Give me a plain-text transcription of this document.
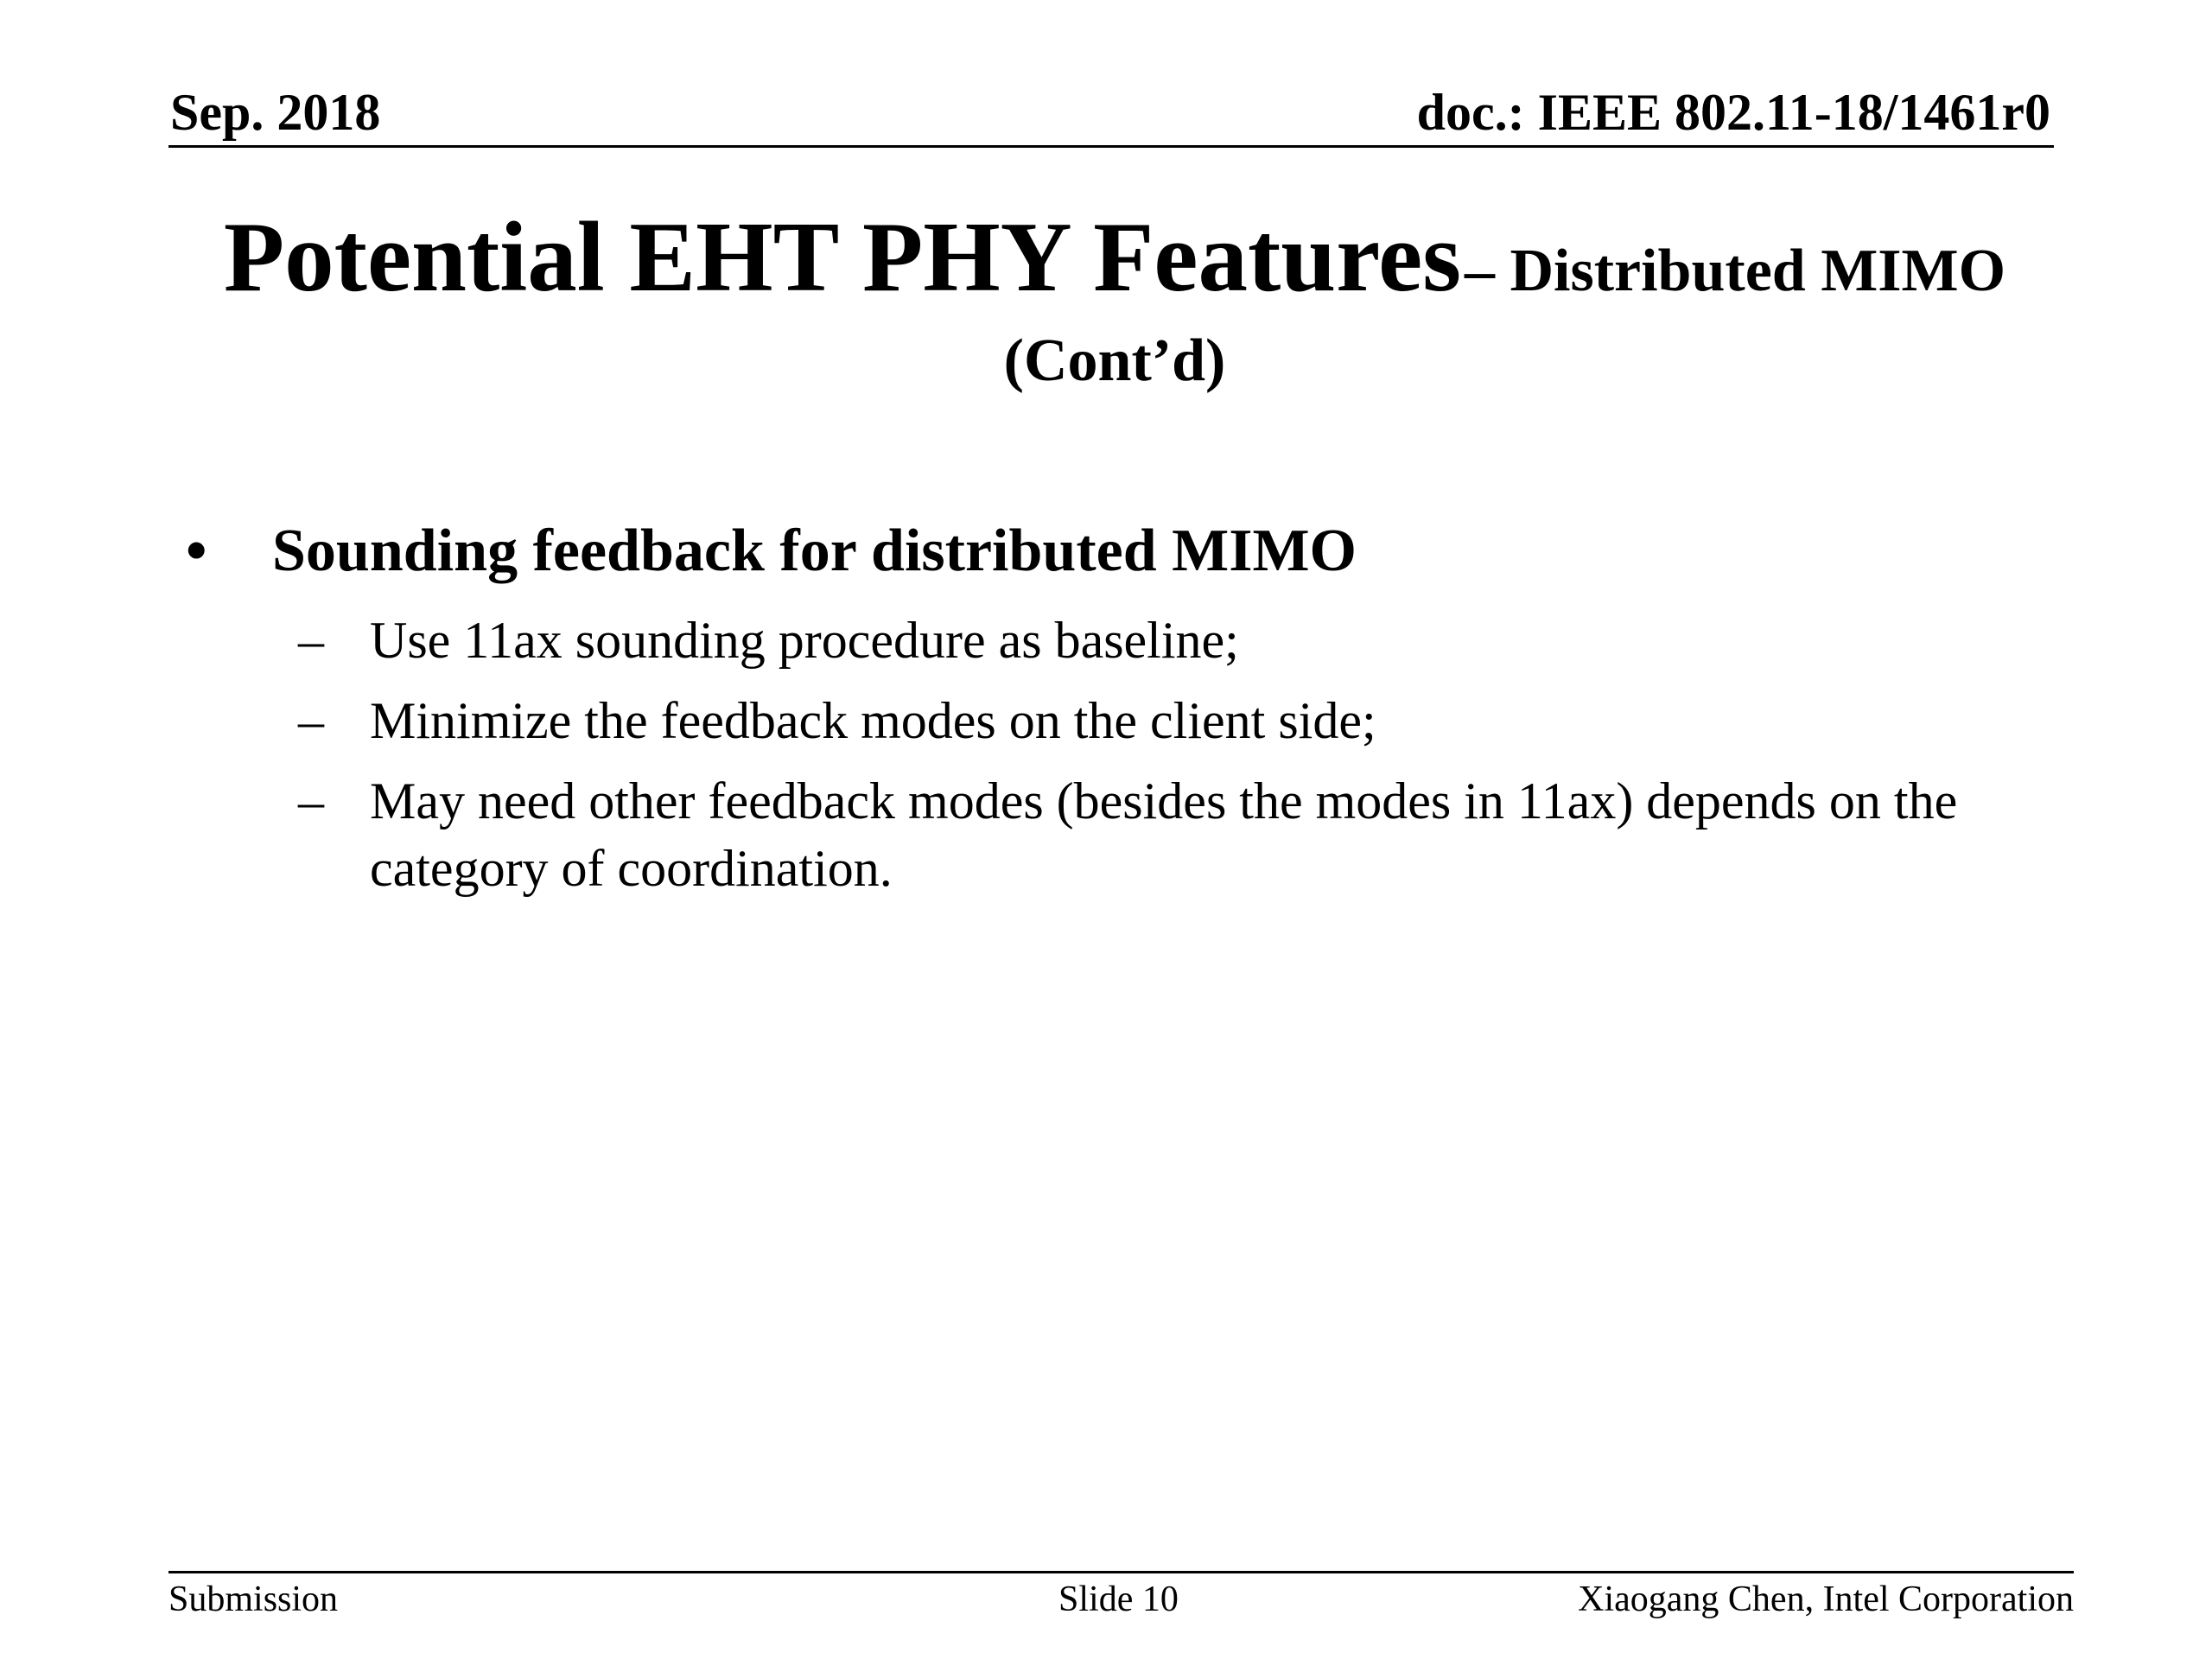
Sep. 2018	doc.: IEEE 802.11-18/1461r0
Potential EHT PHY Features – Distributed MIMO
(Cont’d)
• Sounding feedback for distributed MIMO
– Use 11ax sounding procedure as baseline;
– Minimize the feedback modes on the client side;
– May need other feedback modes (besides the modes in 11ax) depends on the category of coordination.
Submission	Slide 10	Xiaogang Chen, Intel Corporation
